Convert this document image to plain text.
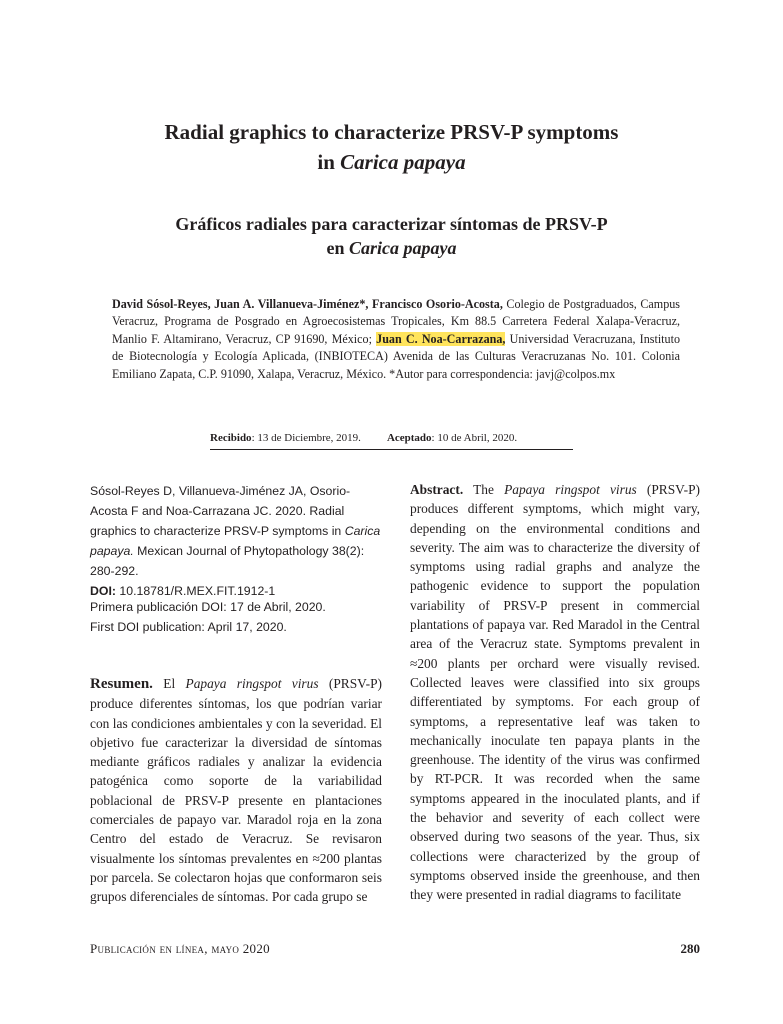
Radial graphics to characterize PRSV-P symptoms
in Carica papaya
Gráficos radiales para caracterizar síntomas de PRSV-P
en Carica papaya
David Sósol-Reyes, Juan A. Villanueva-Jiménez*, Francisco Osorio-Acosta, Colegio de Postgraduados, Campus Veracruz, Programa de Posgrado en Agroecosistemas Tropicales, Km 88.5 Carretera Federal Xalapa-Veracruz, Manlio F. Altamirano, Veracruz, CP 91690, México; Juan C. Noa-Carrazana, Universidad Veracruzana, Instituto de Biotecnología y Ecología Aplicada, (INBIOTECA) Avenida de las Culturas Veracruzanas No. 101. Colonia Emiliano Zapata, C.P. 91090, Xalapa, Veracruz, México. *Autor para correspondencia: javj@colpos.mx
Recibido: 13 de Diciembre, 2019. Aceptado: 10 de Abril, 2020.
Sósol-Reyes D, Villanueva-Jiménez JA, Osorio-Acosta F and Noa-Carrazana JC. 2020. Radial graphics to characterize PRSV-P symptoms in Carica papaya. Mexican Journal of Phytopathology 38(2): 280-292.
DOI: 10.18781/R.MEX.FIT.1912-1
Primera publicación DOI: 17 de Abril, 2020.
First DOI publication: April 17, 2020.
Resumen. El Papaya ringspot virus (PRSV-P) produce diferentes síntomas, los que podrían variar con las condiciones ambientales y con la severidad. El objetivo fue caracterizar la diversidad de síntomas mediante gráficos radiales y analizar la evidencia patogénica como soporte de la variabilidad poblacional de PRSV-P presente en plantaciones comerciales de papayo var. Maradol roja en la zona Centro del estado de Veracruz. Se revisaron visualmente los síntomas prevalentes en ≈200 plantas por parcela. Se colectaron hojas que conformaron seis grupos diferenciales de síntomas. Por cada grupo se
Abstract. The Papaya ringspot virus (PRSV-P) produces different symptoms, which might vary, depending on the environmental conditions and severity. The aim was to characterize the diversity of symptoms using radial graphs and analyze the pathogenic evidence to support the population variability of PRSV-P present in commercial plantations of papaya var. Red Maradol in the Central area of the Veracruz state. Symptoms prevalent in ≈200 plants per orchard were visually revised. Collected leaves were classified into six groups differentiated by symptoms. For each group of symptoms, a representative leaf was taken to mechanically inoculate ten papaya plants in the greenhouse. The identity of the virus was confirmed by RT-PCR. It was recorded when the same symptoms appeared in the inoculated plants, and if the behavior and severity of each collect were observed during two seasons of the year. Thus, six collections were characterized by the group of symptoms observed inside the greenhouse, and then they were presented in radial diagrams to facilitate
Publicación en línea, mayo 2020	280
